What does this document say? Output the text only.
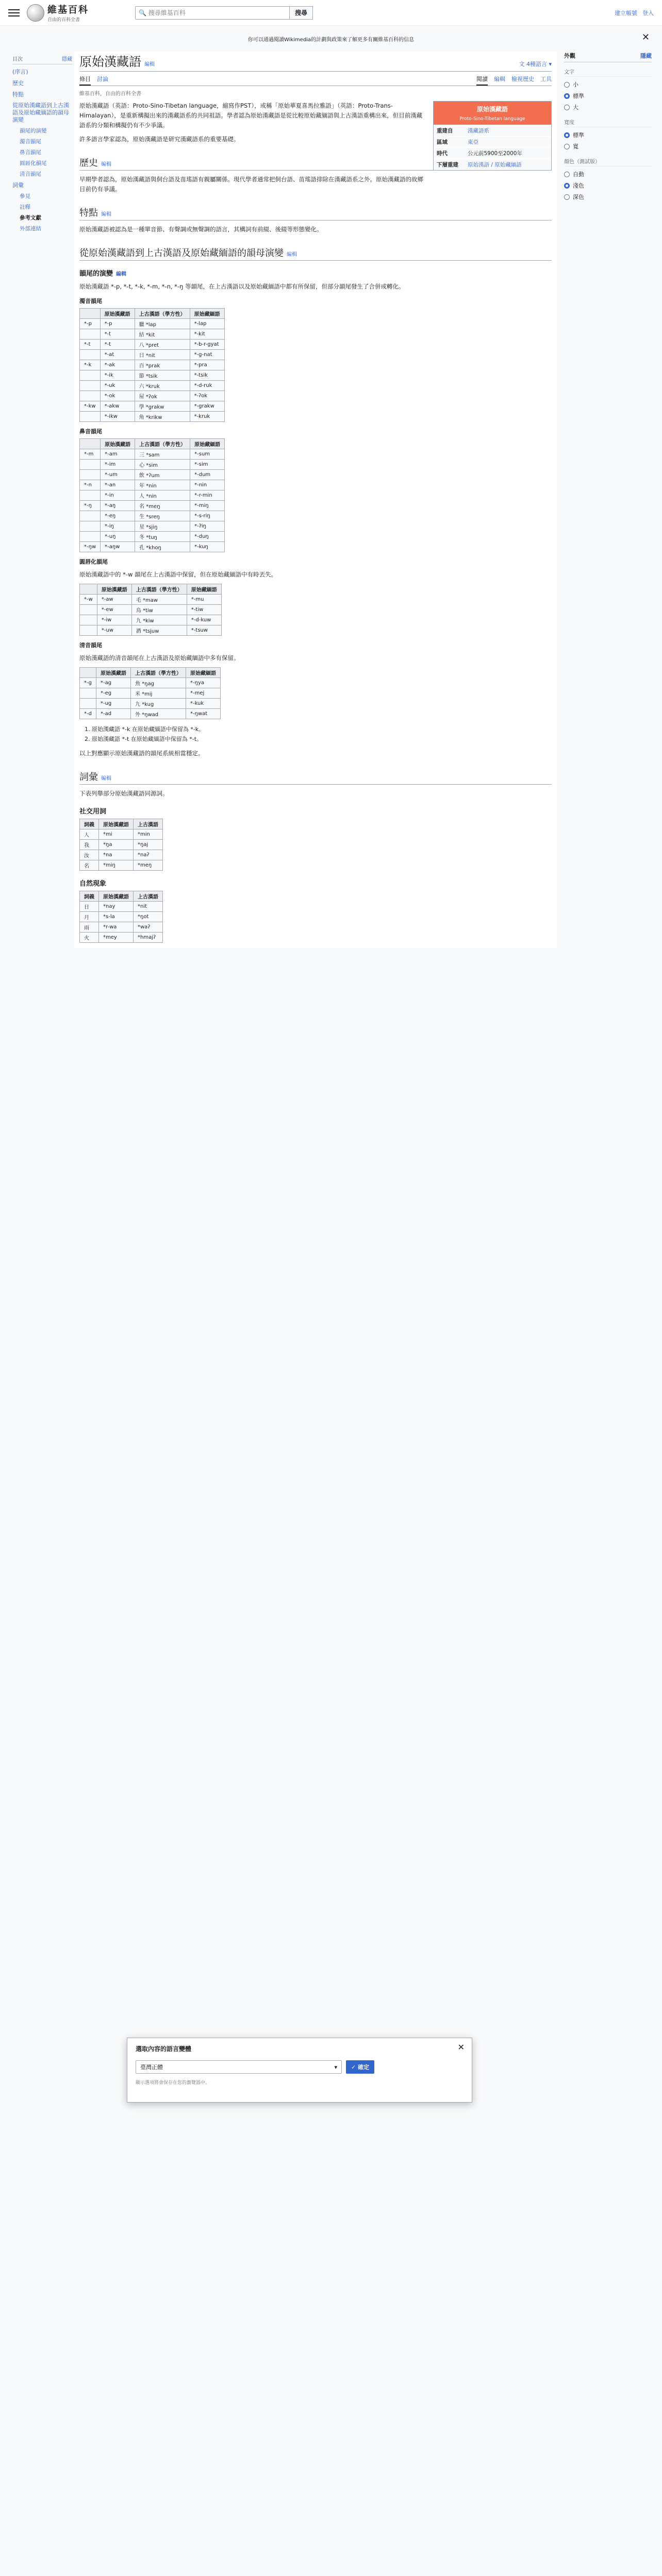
維基百科
自由的百科全書
🔍 搜尋維基百科	搜尋	建立帳號 登入
你可以通過閱讀Wikimedia的計劃與政策來了解更多有關維基百科的信息	✕
目次	隱藏
(序言)
歷史
特點
從原始漢藏語到上古漢語及原始藏緬語的韻母演變
韻尾的演變
濁音韻尾
鼻音韻尾
圓唇化韻尾
清音韻尾
詞彙
參見
註釋
參考文獻
外部連結
原始漢藏語 編輯	文 4種語言 ▾
條目 討論	閱讀 編輯 檢視歷史 工具
維基百科，自由的百科全書
原始漢藏語
Proto-Sino-Tibetan language
重建自	漢藏語系
區域	東亞
時代	公元前5900至2000年
下層重建	原始漢語 / 原始藏緬語

原始漢藏語（英語：Proto-Sino-Tibetan language，縮寫作PST），或稱「原始華夏喜馬拉雅語」（英語：Proto-Trans-Himalayan），是重新構擬出來的漢藏語系的共同祖語。學者認為原始漢藏語是從比較原始藏緬語與上古漢語重構出來，但目前漢藏語系的分類和構擬仍有不少爭議。

許多語言學家認為，原始漢藏語是研究漢藏語系的重要基礎。

歷史 編輯

早期學者認為，原始漢藏語與侗台語及苗瑤語有親屬關係。現代學者通常把侗台語、苗瑤語排除在漢藏語系之外。原始漢藏語的故鄉目前仍有爭議。

特點 編輯

原始漢藏語被認為是一種單音節、有聲調或無聲調的語言，其構詞有前綴、後綴等形態變化。

從原始漢藏語到上古漢語及原始藏緬語的韻母演變 編輯
韻尾的演變 編輯

原始漢藏語 *-p, *-t, *-k, *-m, *-n, *-ŋ 等韻尾，在上古漢語以及原始藏緬語中都有所保留，但部分韻尾發生了合併或轉化。

濁音韻尾
	原始漢藏語	上古漢語（學方性）	原始藏緬語
*-p	*-p	臘 *lap	*-lap
	*-t	結 *kit	*-kit
*-t	*-t	八 *pret	*-b-r-gyat
	*-at	日 *nit	*-g-nat
*-k	*-ak	百 *prak	*-pra
	*-ik	節 *tsik	*-tsik
	*-uk	六 *kruk	*-d-ruk
	*-ok	屋 *ʔok	*-ʔok
*-kw	*-akw	學 *grakw	*-grakw
	*-ikw	角 *krikw	*-kruk
鼻音韻尾
	原始漢藏語	上古漢語（學方性）	原始藏緬語
*-m	*-am	三 *sam	*-sum
	*-im	心 *sim	*-sim
	*-um	飲 *ʔum	*-dum
*-n	*-an	年 *nin	*-nin
	*-in	人 *nin	*-r-min
*-ŋ	*-aŋ	名 *meŋ	*-miŋ
	*-eŋ	生 *sreŋ	*-s-riŋ
	*-iŋ	星 *sjiŋ	*-ʔiŋ
	*-uŋ	冬 *tuŋ	*-duŋ
*-ŋw	*-aŋw	孔 *khoŋ	*-kuŋ
圓唇化韻尾

原始漢藏語中的 *-w 韻尾在上古漢語中保留，但在原始藏緬語中有時丟失。

	原始漢藏語	上古漢語（學方性）	原始藏緬語
*-w	*-aw	毛 *maw	*-mu
	*-ew	鳥 *tiw	*-tiw
	*-iw	九 *kiw	*-d-kuw
	*-uw	酒 *tsjuw	*-tsuw
清音韻尾

原始漢藏語的清音韻尾在上古漢語及原始藏緬語中多有保留。

	原始漢藏語	上古漢語（學方性）	原始藏緬語
*-g	*-ag	魚 *ŋag	*-ŋya
	*-eg	米 *mij	*-mej
	*-ug	九 *kug	*-kuk
*-d	*-ad	外 *ŋwad	*-ŋwat
1. 原始漢藏語 *-k 在原始藏緬語中保留為 *-k。
2. 原始漢藏語 *-t 在原始藏緬語中保留為 *-t。

以上對應顯示原始漢藏語的韻尾系統相當穩定。

詞彙 編輯

下表列舉部分原始漢藏語同源詞。

社交用詞
詞義	原始漢藏語	上古漢語
人	*mi	*min
我	*ŋa	*ŋaj
汝	*na	*naʔ
名	*miŋ	*meŋ
自然現象
詞義	原始漢藏語	上古漢語
日	*nay	*nit
月	*s-la	*ŋot
雨	*r-wa	*waʔ
火	*mey	*hmajʔ
外觀	隱藏
文字
小
標準
大
寬度
標準
寬
顏色（測試版）
自動
淺色
深色
選取內容的語言變體	✕
臺灣正體	▾ ✓ 確定
顯示選項將會保存在您的瀏覽器中。
